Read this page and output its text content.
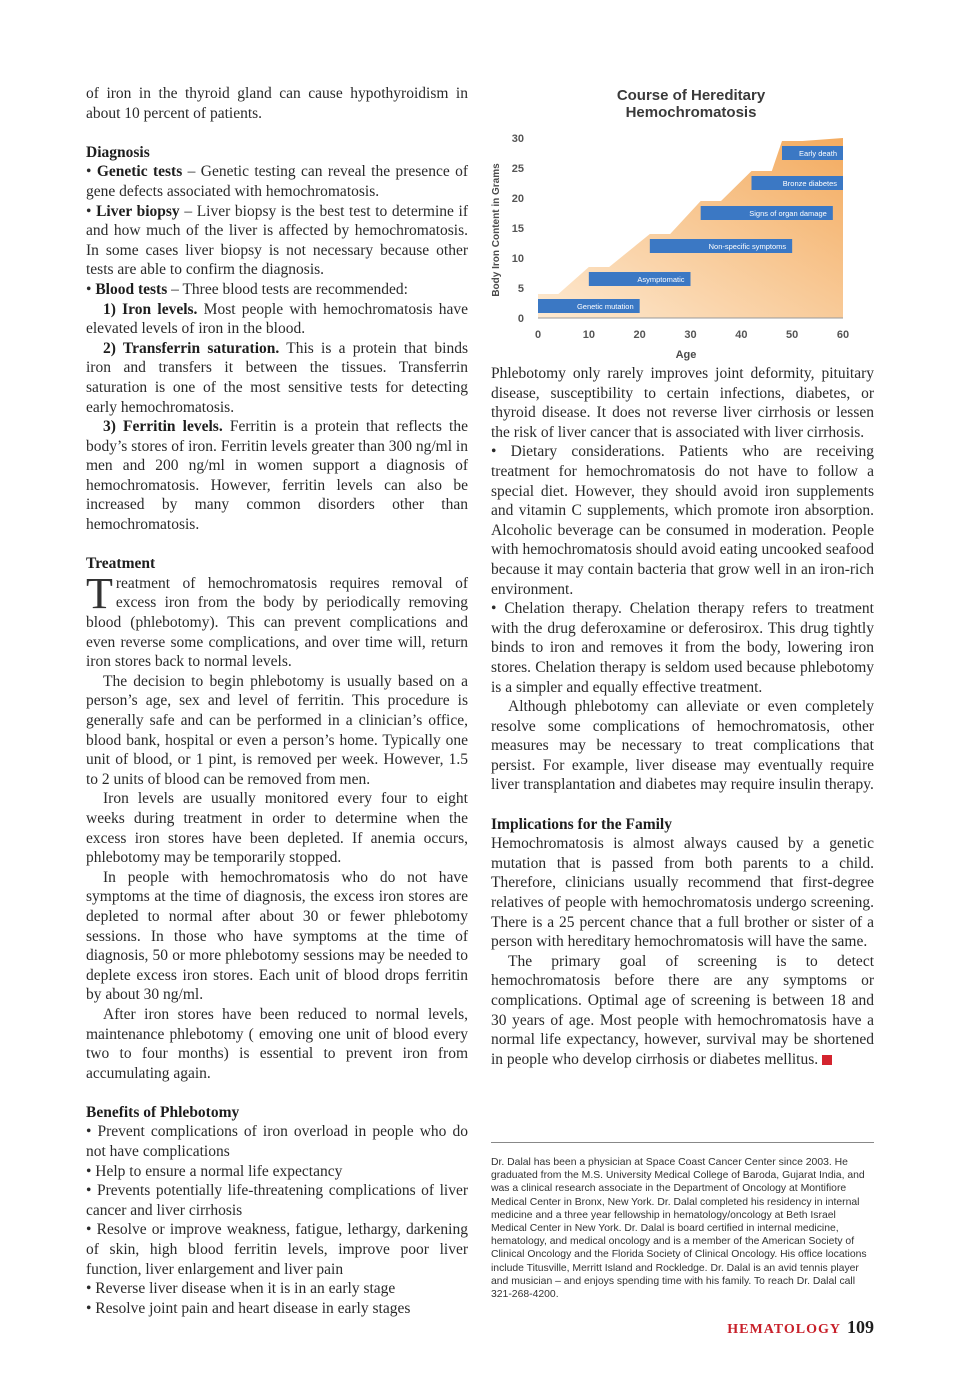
of iron in the thyroid gland can cause hypothyroidism in about 10 percent of patients.

Diagnosis

• Genetic tests – Genetic testing can reveal the presence of gene defects associated with hemochromatosis.

• Liver biopsy – Liver biopsy is the best test to determine if and how much of the liver is affected by hemochromatosis. In some cases liver biopsy is not necessary because other tests are able to confirm the diagnosis.

• Blood tests – Three blood tests are recommended:

1) Iron levels. Most people with hemochromatosis have elevated levels of iron in the blood.

2) Transferrin saturation. This is a protein that binds iron and transfers it between the tissues. Transferrin saturation is one of the most sensitive tests for detecting early hemochromatosis.

3) Ferritin levels. Ferritin is a protein that reflects the body’s stores of iron. Ferritin levels greater than 300 ng/ml in men and 200 ng/ml in women support a diagnosis of hemochromatosis. However, ferritin levels can also be increased by many common disorders other than hemochromatosis.

Treatment

Treatment of hemochromatosis requires removal of excess iron from the body by periodically removing blood (phlebotomy). This can prevent complications and even reverse some complications, and over time will, return iron stores back to normal levels.

The decision to begin phlebotomy is usually based on a person’s age, sex and level of ferritin. This procedure is generally safe and can be performed in a clinician’s office, blood bank, hospital or even a person’s home. Typically one unit of blood, or 1 pint, is removed per week. However, 1.5 to 2 units of blood can be removed from men.

Iron levels are usually monitored every four to eight weeks during treatment in order to determine when the excess iron stores have been depleted. If anemia occurs, phlebotomy may be temporarily stopped.

In people with hemochromatosis who do not have symptoms at the time of diagnosis, the excess iron stores are depleted to normal after about 30 or fewer phlebotomy sessions. In those who have symptoms at the time of diagnosis, 50 or more phlebotomy sessions may be needed to deplete excess iron stores. Each unit of blood drops ferritin by about 30 ng/ml.

After iron stores have been reduced to normal levels, maintenance phlebotomy ( emoving one unit of blood every two to four months) is essential to prevent iron from accumulating again.

Benefits of Phlebotomy

• Prevent complications of iron overload in people who do not have complications

• Help to ensure a normal life expectancy

• Prevents potentially life-threatening complications of liver cancer and liver cirrhosis

• Resolve or improve weakness, fatigue, lethargy, darkening of skin, high blood ferritin levels, improve poor liver function, liver enlargement and liver pain

• Reverse liver disease when it is in an early stage

• Resolve joint pain and heart disease in early stages

Course of Hereditary
Hemochromatosis
0
5
10
15
20
25
30
0	10	20	30	40	50	60
Genetic mutation
Asymptomatic
Non-specific symptoms
Signs of organ damage
Bronze diabetes
Early death
Body Iron Content in Grams
Age

Phlebotomy only rarely improves joint deformity, pituitary disease, susceptibility to certain infections, diabetes, or thyroid disease. It does not reverse liver cirrhosis or lessen the risk of liver cancer that is associated with liver cirrhosis.

• Dietary considerations. Patients who are receiving treatment for hemochromatosis do not have to follow a special diet. However, they should avoid iron supplements and vitamin C supplements, which promote iron absorption. Alcoholic beverage can be consumed in moderation. People with hemochromatosis should avoid eating uncooked seafood because it may contain bacteria that grow well in an iron-rich environment.

• Chelation therapy. Chelation therapy refers to treatment with the drug deferoxamine or deferosirox. This drug tightly binds to iron and removes it from the body, lowering iron stores. Chelation therapy is seldom used because phlebotomy is a simpler and equally effective treatment.

Although phlebotomy can alleviate or even completely resolve some complications of hemochromatosis, other measures may be necessary to treat complications that persist. For example, liver disease may eventually require liver transplantation and diabetes may require insulin therapy.

Implications for the Family

Hemochromatosis is almost always caused by a genetic mutation that is passed from both parents to a child. Therefore, clinicians usually recommend that first-degree relatives of people with hemochromatosis undergo screening. There is a 25 percent chance that a full brother or sister of a person with hereditary hemochromatosis will have the same.

The primary goal of screening is to detect hemochromatosis before there are any symptoms or complications. Optimal age of screening is between 18 and 30 years of age. Most people with hemochromatosis have a normal life expectancy, however, survival may be shortened in people who develop cirrhosis or diabetes mellitus.

Dr. Dalal has been a physician at Space Coast Cancer Center since 2003. He graduated from the M.S. University Medical College of Baroda, Gujarat India, and was a clinical research associate in the Department of Oncology at Montifiore Medical Center in Bronx, New York. Dr. Dalal completed his residency in internal medicine and a three year fellowship in hematology/oncology at Beth Israel Medical Center in New York. Dr. Dalal is board certified in internal medicine, hematology, and medical oncology and is a member of the American Society of Clinical Oncology and the Florida Society of Clinical Oncology. His office locations include Titusville, Merritt Island and Rockledge. Dr. Dalal is an avid tennis player and musician – and enjoys spending time with his family. To reach Dr. Dalal call 321-268-4200.
HEMATOLOGY 109
